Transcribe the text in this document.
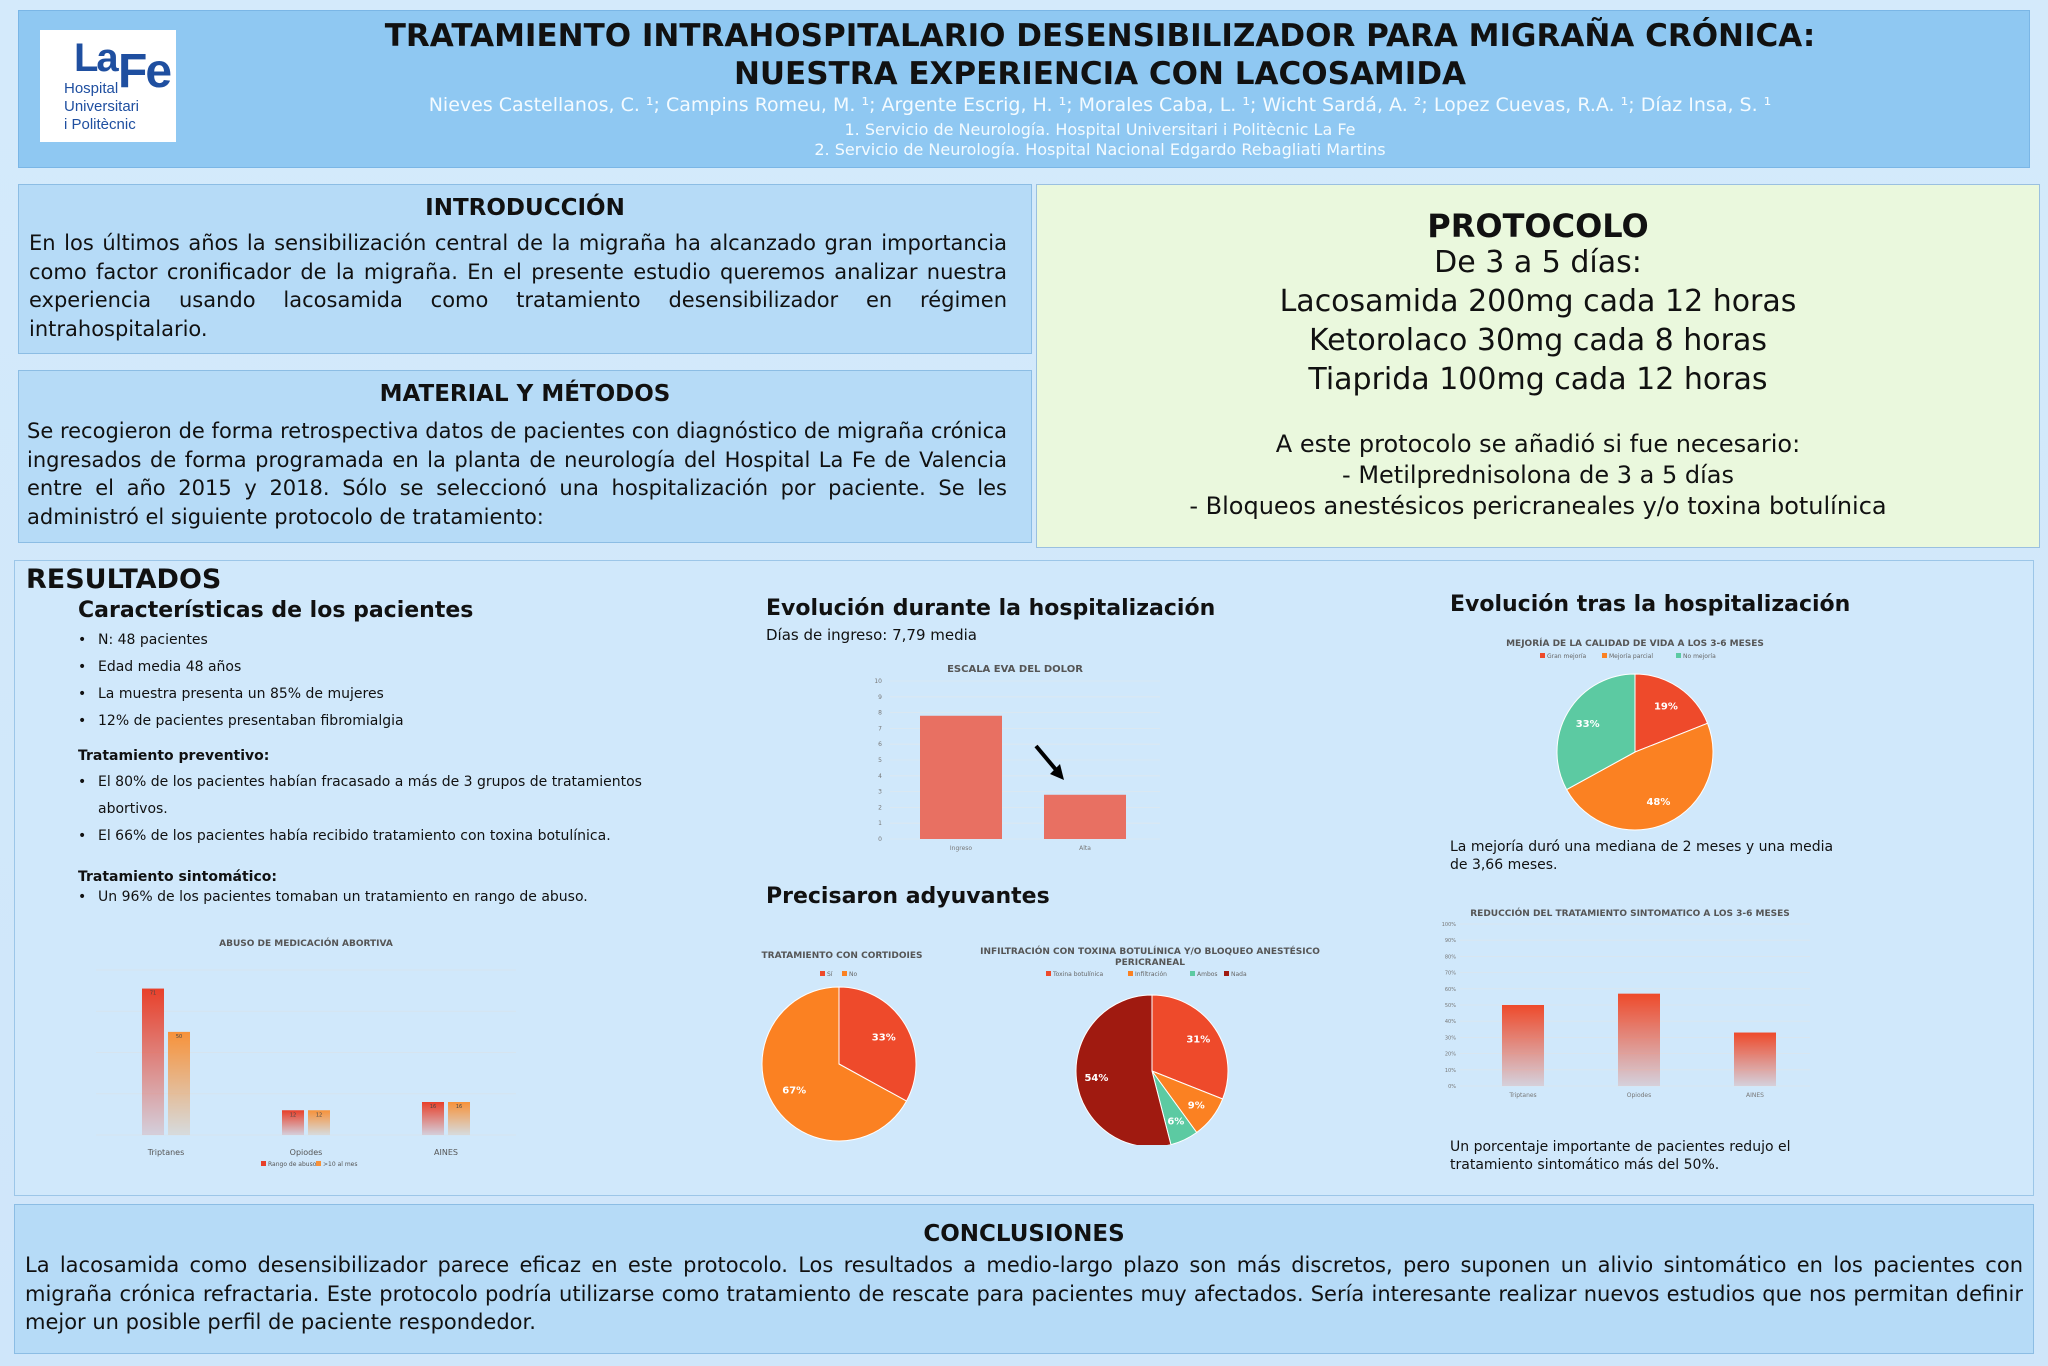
La Fe
Hospital
Universitari
i Politècnic
TRATAMIENTO INTRAHOSPITALARIO DESENSIBILIZADOR PARA MIGRAÑA CRÓNICA:
NUESTRA EXPERIENCIA CON LACOSAMIDA
Nieves Castellanos, C. ¹; Campins Romeu, M. ¹; Argente Escrig, H. ¹; Morales Caba, L. ¹; Wicht Sardá, A. ²; Lopez Cuevas, R.A. ¹; Díaz Insa, S. ¹
1. Servicio de Neurología. Hospital Universitari i Politècnic La Fe
2. Servicio de Neurología. Hospital Nacional Edgardo Rebagliati Martins
INTRODUCCIÓN
En los últimos años la sensibilización central de la migraña ha alcanzado gran importancia como factor cronificador de la migraña. En el presente estudio queremos analizar nuestra experiencia usando lacosamida como tratamiento desensibilizador en régimen intrahospitalario.
MATERIAL Y MÉTODOS
Se recogieron de forma retrospectiva datos de pacientes con diagnóstico de migraña crónica ingresados de forma programada en la planta de neurología del Hospital La Fe de Valencia entre el año 2015 y 2018. Sólo se seleccionó una hospitalización por paciente. Se les administró el siguiente protocolo de tratamiento:
PROTOCOLO
De 3 a 5 días:
Lacosamida 200mg cada 12 horas
Ketorolaco 30mg cada 8 horas
Tiaprida 100mg cada 12 horas
A este protocolo se añadió si fue necesario:
- Metilprednisolona de 3 a 5 días
- Bloqueos anestésicos pericraneales y/o toxina botulínica
RESULTADOS
Características de los pacientes
• N: 48 pacientes
• Edad media 48 años
• La muestra presenta un 85% de mujeres
• 12% de pacientes presentaban fibromialgia
Tratamiento preventivo:
• El 80% de los pacientes habían fracasado a más de 3 grupos de tratamientos abortivos.
• El 66% de los pacientes había recibido tratamiento con toxina botulínica.
Tratamiento sintomático:
• Un 96% de los pacientes tomaban un tratamiento en rango de abuso.
ABUSO DE MEDICACIÓN ABORTIVA
71
50
Triptanes
12	12
Opiodes
16	16
AINES
Rango de abuso >10 al mes
Evolución durante la hospitalización
Días de ingreso: 7,79 media
ESCALA EVA DEL DOLOR
0
1
2
3
4
5
6
7
8
9
10
Ingreso	Alta
Precisaron adyuvantes
TRATAMIENTO CON CORTIDOIES
Sí	No
33%
67%
INFILTRACIÓN CON TOXINA BOTULÍNICA Y/O BLOQUEO ANESTÉSICO
PERICRANEAL
Toxina botulínica	Infiltración	Ambos Nada
31%
9%
6%
54%
Evolución tras la hospitalización
MEJORÍA DE LA CALIDAD DE VIDA A LOS 3-6 MESES
Gran mejoría	Mejoría parcial	No mejoría
19%
48%
33%
La mejoría duró una mediana de 2 meses y una media de 3,66 meses.
REDUCCIÓN DEL TRATAMIENTO SINTOMATICO A LOS 3-6 MESES
0%
10%
20%
30%
40%
50%
60%
70%
80%
90%
100%
Triptanes	Opiodes	AINES
Un porcentaje importante de pacientes redujo el tratamiento sintomático más del 50%.
CONCLUSIONES
La lacosamida como desensibilizador parece eficaz en este protocolo. Los resultados a medio-largo plazo son más discretos, pero suponen un alivio sintomático en los pacientes con migraña crónica refractaria. Este protocolo podría utilizarse como tratamiento de rescate para pacientes muy afectados. Sería interesante realizar nuevos estudios que nos permitan definir mejor un posible perfil de paciente respondedor.
